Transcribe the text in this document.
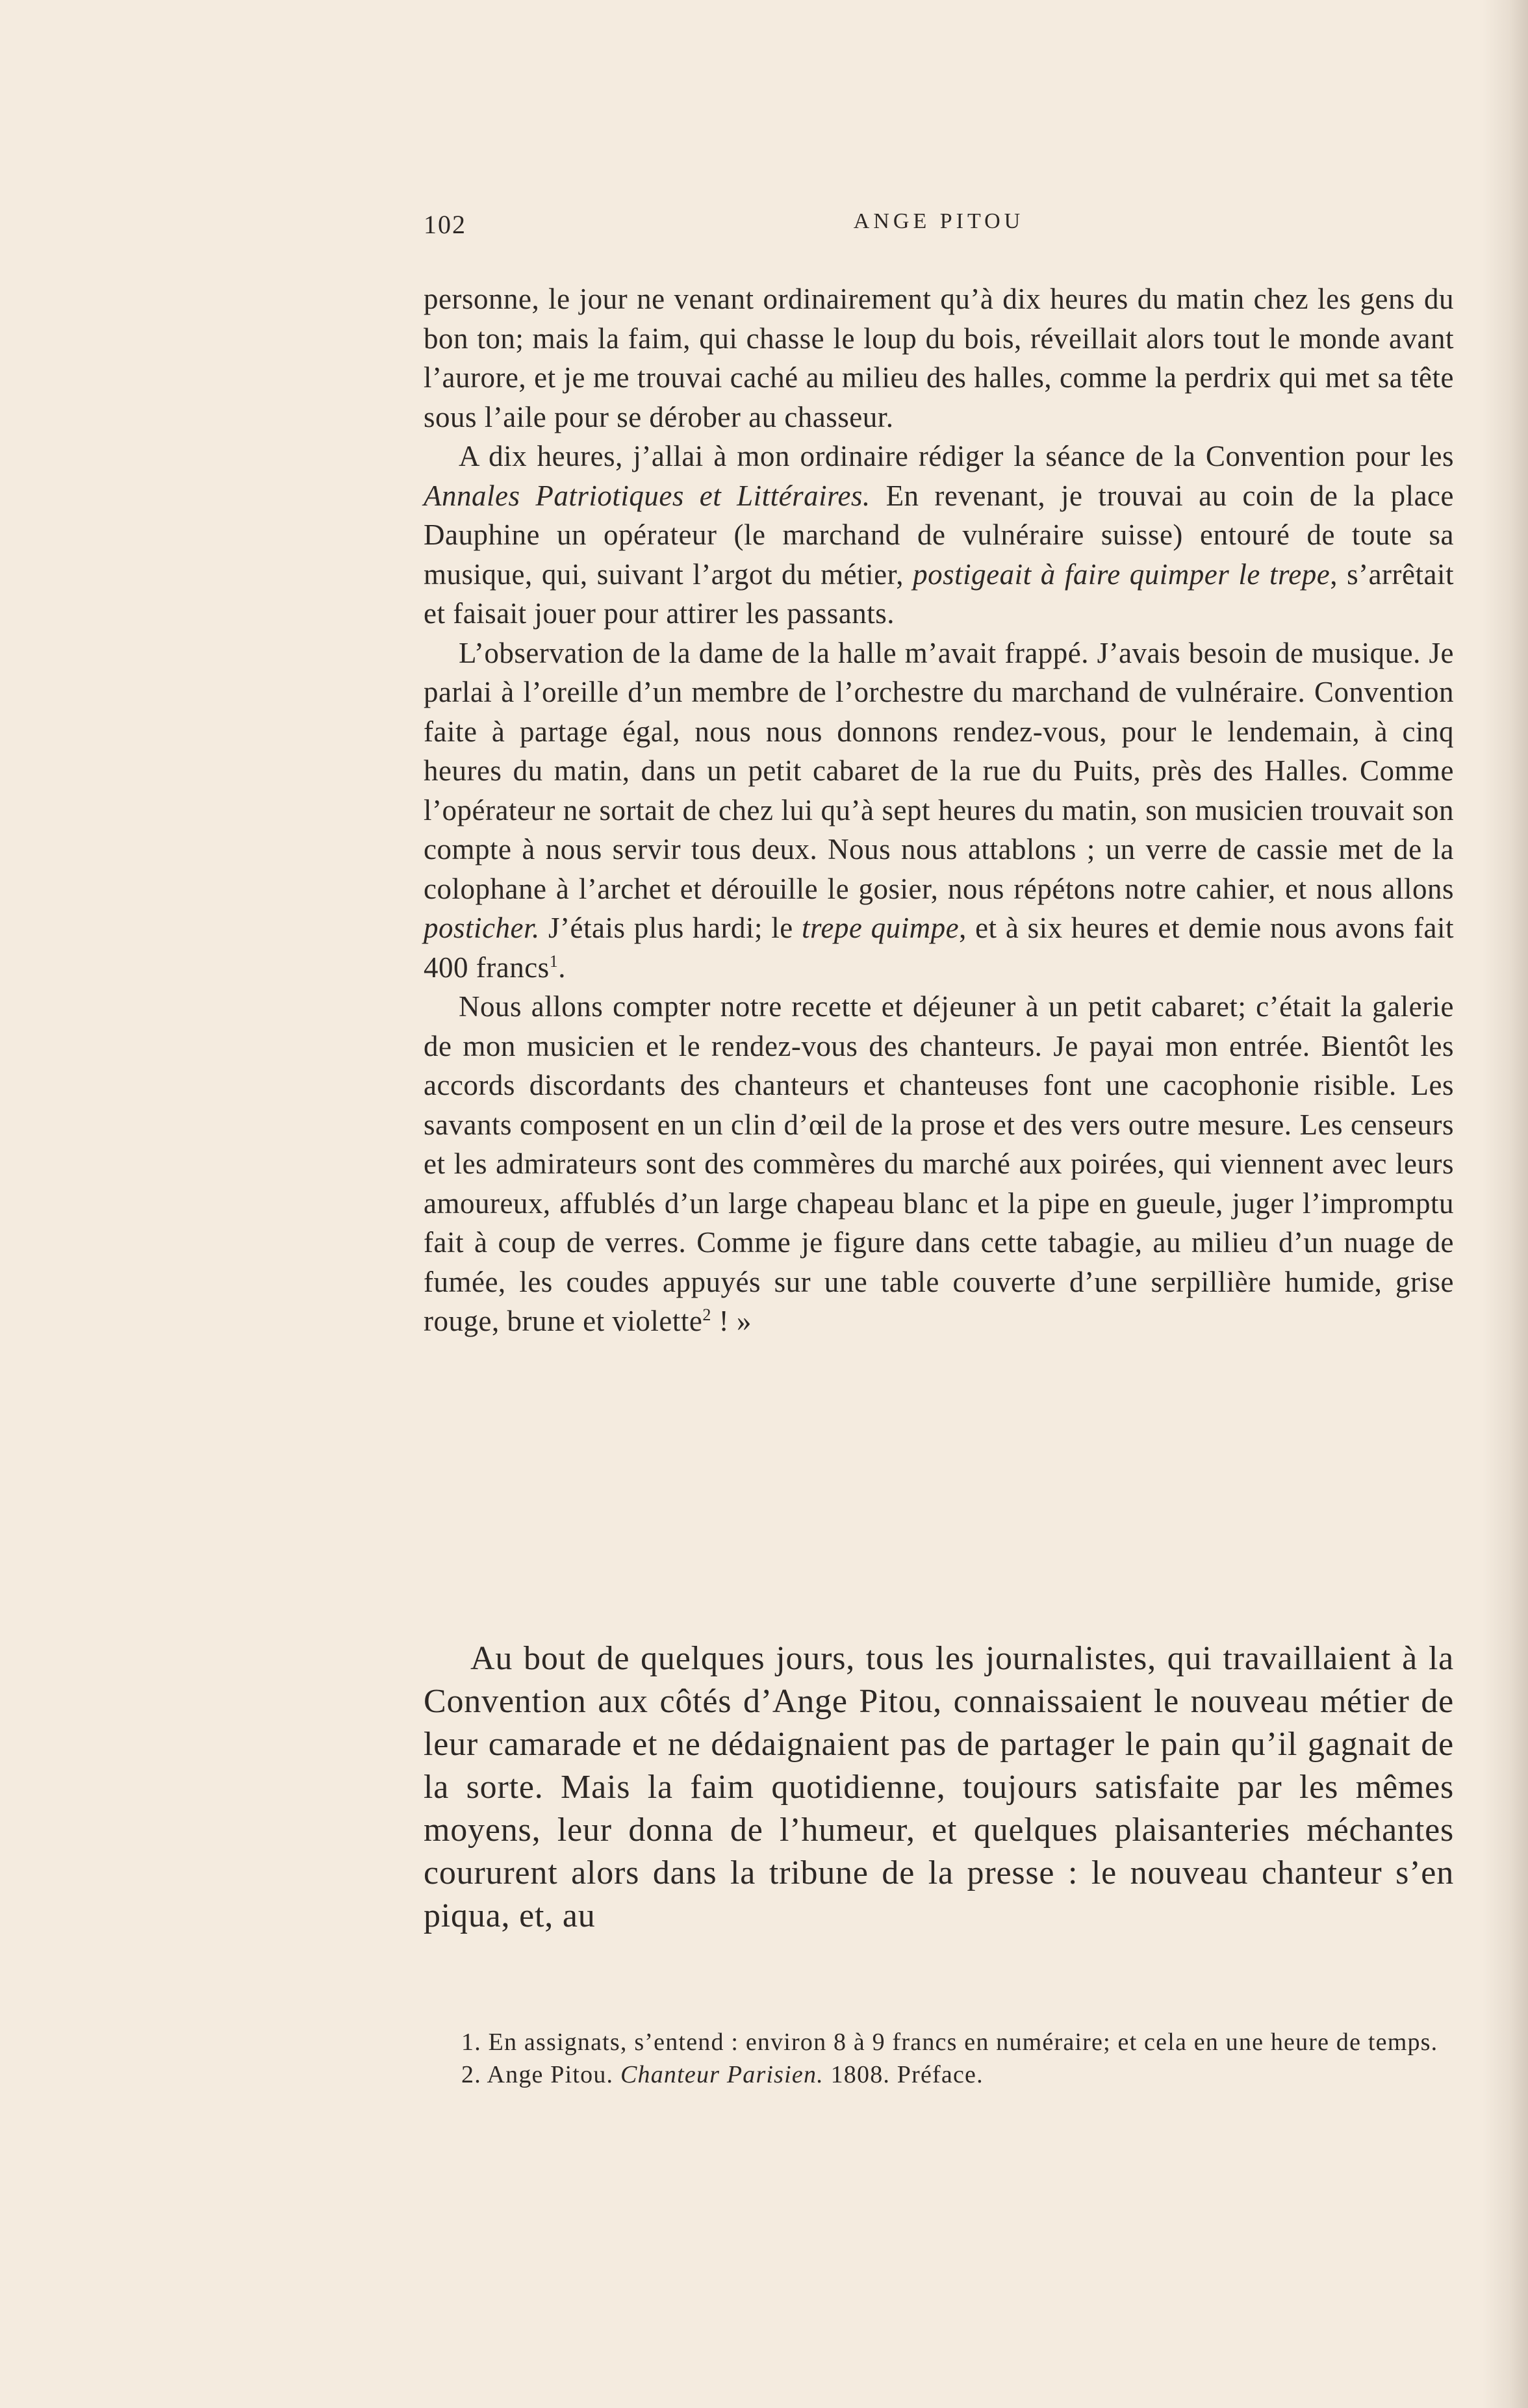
102	ANGE PITOU

personne, le jour ne venant ordinairement qu’à dix heures du matin chez les gens du bon ton; mais la faim, qui chasse le loup du bois, réveillait alors tout le monde avant l’aurore, et je me trouvai caché au milieu des halles, comme la perdrix qui met sa tête sous l’aile pour se dérober au chasseur.

A dix heures, j’allai à mon ordinaire rédiger la séance de la Convention pour les Annales Patriotiques et Littéraires. En revenant, je trouvai au coin de la place Dauphine un opérateur (le marchand de vulnéraire suisse) entouré de toute sa musique, qui, suivant l’argot du métier, postigeait à faire quimper le trepe, s’arrêtait et faisait jouer pour attirer les passants.

L’observation de la dame de la halle m’avait frappé. J’avais besoin de musique. Je parlai à l’oreille d’un membre de l’orchestre du marchand de vulnéraire. Convention faite à partage égal, nous nous donnons rendez-vous, pour le lendemain, à cinq heures du matin, dans un petit cabaret de la rue du Puits, près des Halles. Comme l’opérateur ne sortait de chez lui qu’à sept heures du matin, son musicien trouvait son compte à nous servir tous deux. Nous nous attablons ; un verre de cassie met de la colophane à l’archet et dérouille le gosier, nous répétons notre cahier, et nous allons posticher. J’étais plus hardi; le trepe quimpe, et à six heures et demie nous avons fait 400 francs$^1$.

Nous allons compter notre recette et déjeuner à un petit cabaret; c’était la galerie de mon musicien et le rendez-vous des chanteurs. Je payai mon entrée. Bientôt les accords discordants des chanteurs et chanteuses font une cacophonie risible. Les savants composent en un clin d’œil de la prose et des vers outre mesure. Les censeurs et les admirateurs sont des commères du marché aux poirées, qui viennent avec leurs amoureux, affublés d’un large chapeau blanc et la pipe en gueule, juger l’impromptu fait à coup de verres. Comme je figure dans cette tabagie, au milieu d’un nuage de fumée, les coudes appuyés sur une table couverte d’une serpillière humide, grise rouge, brune et violette$^2$ ! »

Au bout de quelques jours, tous les journalistes, qui travaillaient à la Convention aux côtés d’Ange Pitou, connaissaient le nouveau métier de leur camarade et ne dédaignaient pas de partager le pain qu’il gagnait de la sorte. Mais la faim quotidienne, toujours satisfaite par les mêmes moyens, leur donna de l’humeur, et quelques plaisanteries méchantes coururent alors dans la tribune de la presse : le nouveau chanteur s’en piqua, et, au

1. En assignats, s’entend : environ 8 à 9 francs en numéraire; et cela en une heure de temps.

2. Ange Pitou. Chanteur Parisien. 1808. Préface.
